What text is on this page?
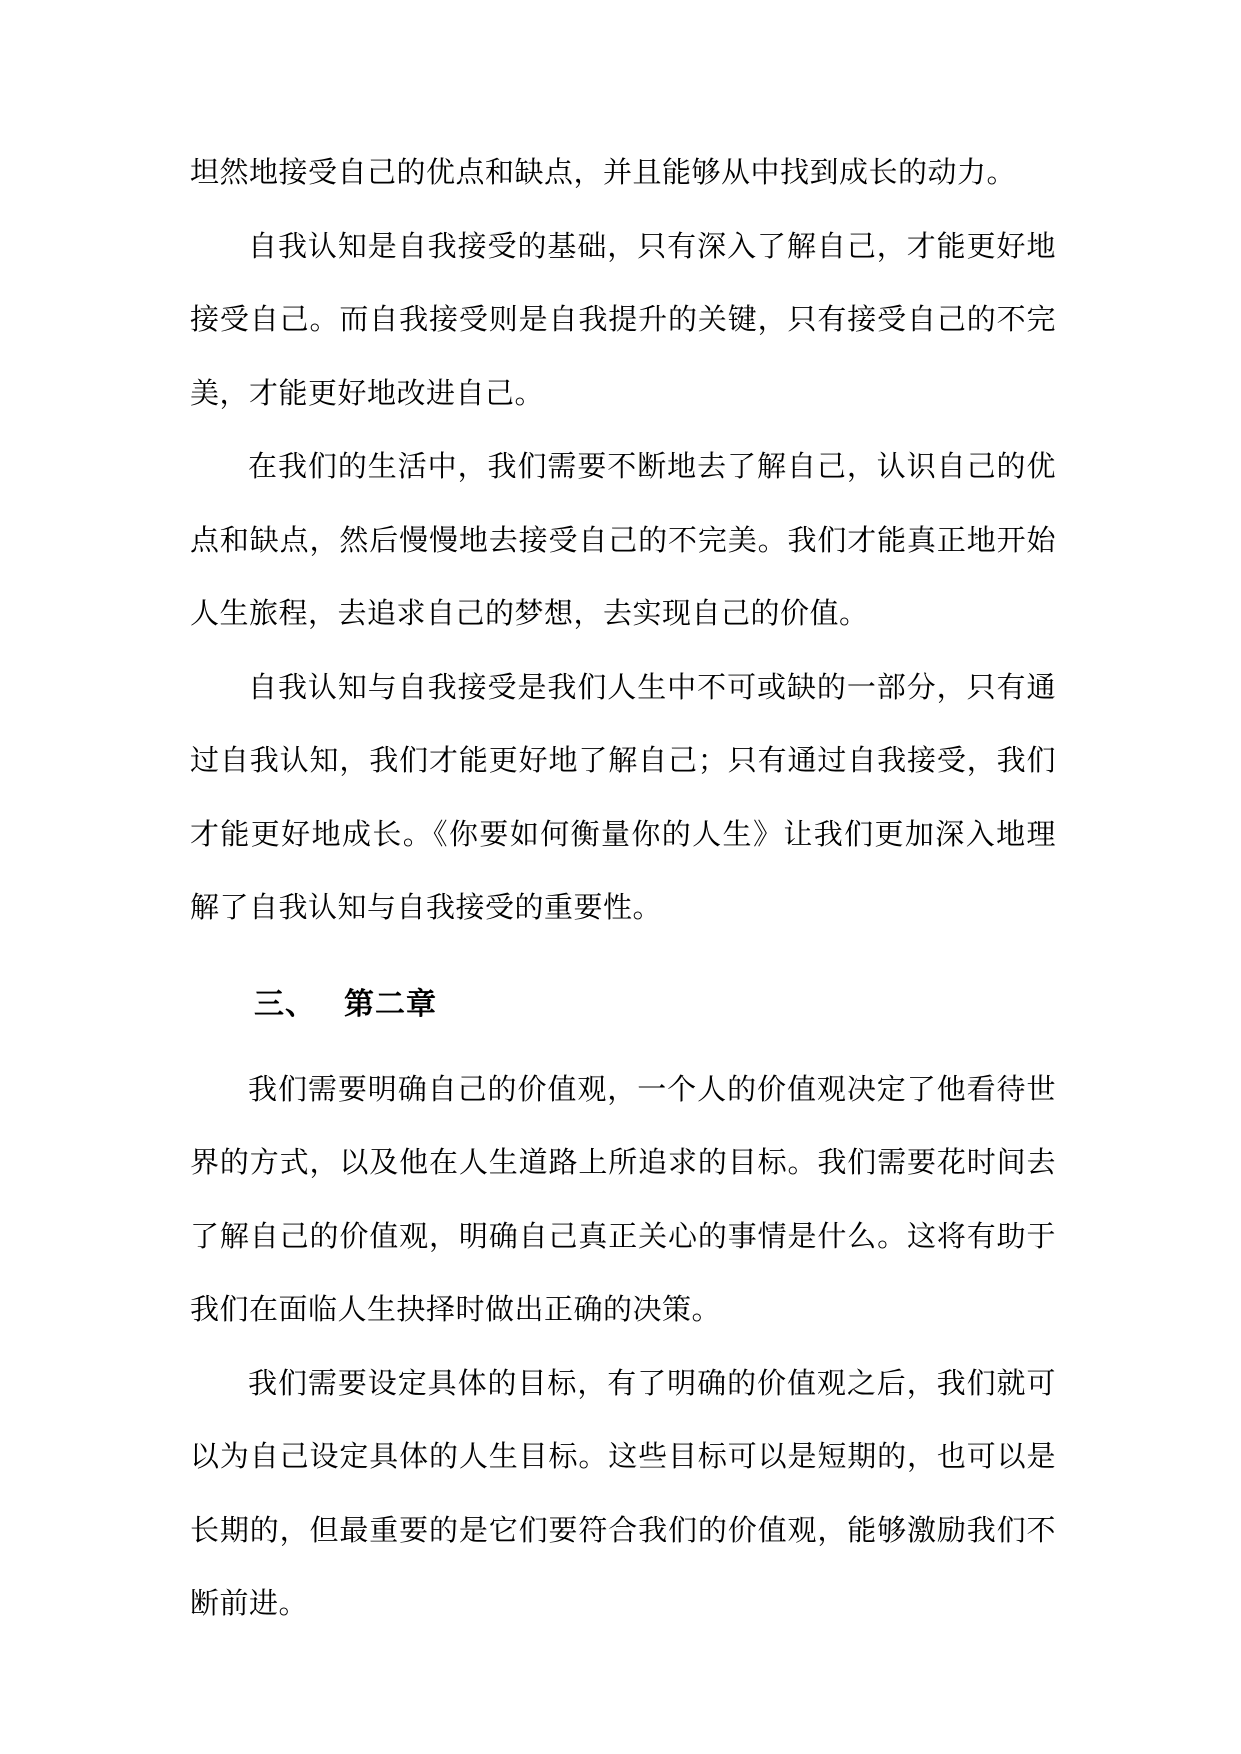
坦然地接受自己的优点和缺点，并且能够从中找到成长的动力。

自我认知是自我接受的基础，只有深入了解自己，才能更好地接受自己。而自我接受则是自我提升的关键，只有接受自己的不完美，才能更好地改进自己。

在我们的生活中，我们需要不断地去了解自己，认识自己的优点和缺点，然后慢慢地去接受自己的不完美。我们才能真正地开始人生旅程，去追求自己的梦想，去实现自己的价值。

自我认知与自我接受是我们人生中不可或缺的一部分，只有通过自我认知，我们才能更好地了解自己；只有通过自我接受，我们才能更好地成长。《你要如何衡量你的人生》让我们更加深入地理解了自我认知与自我接受的重要性。

三、 第二章

我们需要明确自己的价值观，一个人的价值观决定了他看待世界的方式，以及他在人生道路上所追求的目标。我们需要花时间去了解自己的价值观，明确自己真正关心的事情是什么。这将有助于我们在面临人生抉择时做出正确的决策。

我们需要设定具体的目标，有了明确的价值观之后，我们就可以为自己设定具体的人生目标。这些目标可以是短期的，也可以是长期的，但最重要的是它们要符合我们的价值观，能够激励我们不断前进。
